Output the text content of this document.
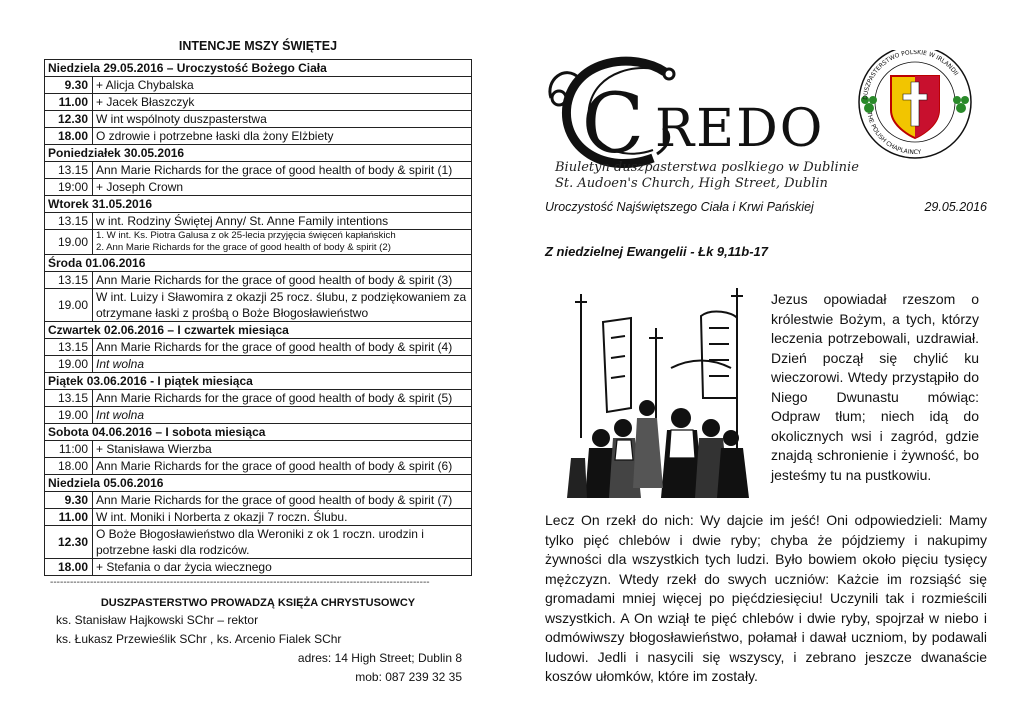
INTENCJE MSZY ŚWIĘTEJ
Niedziela 29.05.2016 – Uroczystość Bożego Ciała	
9.30	+ Alicja Chybalska
11.00	+ Jacek Błaszczyk
12.30	W int wspólnoty duszpasterstwa
18.00	O zdrowie i potrzebne łaski dla żony Elżbiety
Poniedziałek 30.05.2016	
13.15	Ann Marie Richards for the grace of good health of body & spirit (1)
19:00	+ Joseph Crown
Wtorek 31.05.2016	
13.15	w int. Rodziny Świętej Anny/ St. Anne Family intentions
19.00	1. W int. Ks. Piotra Galusa z ok 25-lecia przyjęcia święceń kapłańskich
2. Ann Marie Richards for the grace of good health of body & spirit (2)

Środa 01.06.2016	
13.15	Ann Marie Richards for the grace of good health of body & spirit (3)
19.00	W int. Luizy i Sławomira z okazji 25 rocz. ślubu, z podziękowaniem za
otrzymane łaski z prośbą o Boże Błogosławieństwo

Czwartek 02.06.2016 – I czwartek miesiąca	
13.15	Ann Marie Richards for the grace of good health of body & spirit (4)
19.00	Int wolna
Piątek 03.06.2016 - I piątek miesiąca	
13.15	Ann Marie Richards for the grace of good health of body & spirit (5)
19.00	Int wolna
Sobota 04.06.2016 – I sobota miesiąca	
11:00	+ Stanisława Wierzba
18.00	Ann Marie Richards for the grace of good health of body & spirit (6)
Niedziela 05.06.2016	
9.30	Ann Marie Richards for the grace of good health of body & spirit (7)
11.00	W int. Moniki i Norberta z okazji 7 roczn. Ślubu.
12.30	O Boże Błogosławieństwo dla Weroniki z ok 1 roczn. urodzin i
potrzebne łaski dla rodziców.

18.00	+ Stefania o dar życia wiecznego
------------------------------------------------------------------------------------------------------------------
DUSZPASTERSTWO PROWADZĄ KSIĘŻA CHRYSTUSOWCY
ks. Stanisław Hajkowski SChr – rektor
ks. Łukasz Przewieślik SChr , ks. Arcenio Fialek SChr
adres: 14 High Street; Dublin 8
mob: 087 239 32 35
C REDO
DUSZPASTERSTWO POLSKIE W IRLANDII
THE POLISH CHAPLAINCY
Biuletyn duszpasterstwa poslkiego w Dublinie
St. Audoen's Church, High Street, Dublin
Uroczystość Najświętszego Ciała i Krwi Pańskiej	29.05.2016
Z niedzielnej Ewangelii - Łk 9,11b-17
Jezus opowiadał rzeszom o królestwie Bożym, a tych, którzy leczenia potrzebowali, uzdrawiał. Dzień począł się chylić ku wieczorowi. Wtedy przystąpiło do Niego Dwunastu mówiąc: Odpraw tłum; niech idą do okolicznych wsi i zagród, gdzie znajdą schronienie i żywność, bo jesteśmy tu na pustkowiu.
Lecz On rzekł do nich: Wy dajcie im jeść! Oni odpowiedzieli: Mamy tylko pięć chlebów i dwie ryby; chyba że pójdziemy i nakupimy żywności dla wszystkich tych ludzi. Było bowiem około pięciu tysięcy mężczyzn. Wtedy rzekł do swych uczniów: Każcie im rozsiąść się gromadami mniej więcej po pięćdziesięciu! Uczynili tak i rozmieścili wszystkich. A On wziął te pięć chlebów i dwie ryby, spojrzał w niebo i odmówiwszy błogosławieństwo, połamał i dawał uczniom, by podawali ludowi. Jedli i nasycili się wszyscy, i zebrano jeszcze dwanaście koszów ułomków, które im zostały.
